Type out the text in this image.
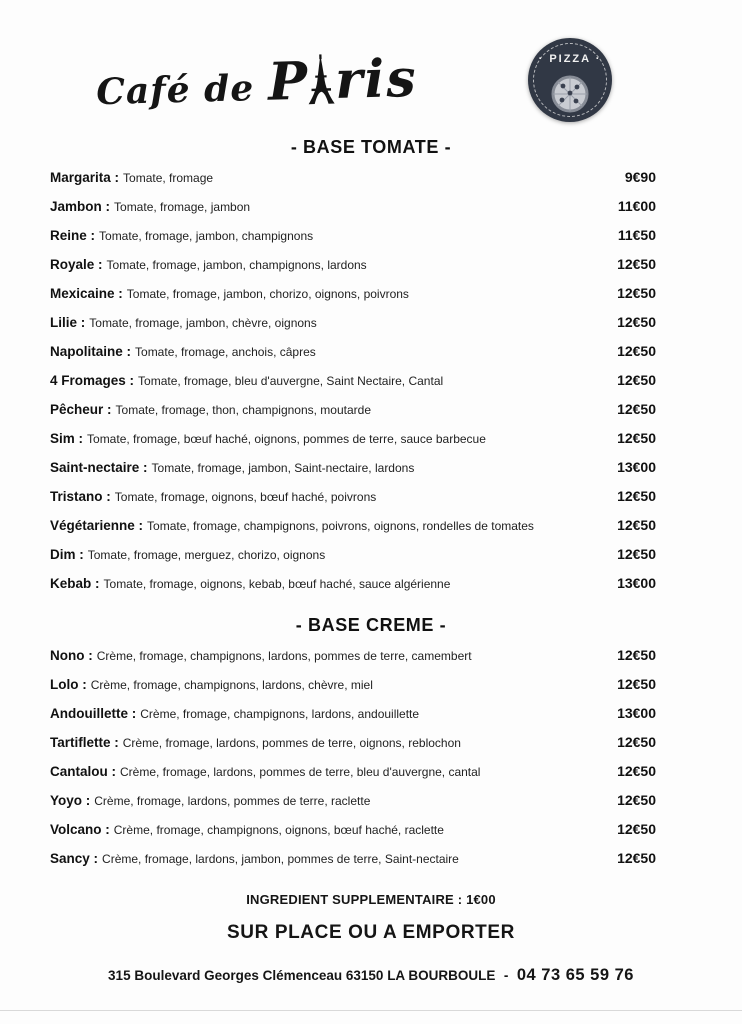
Café de P ris	· PIZZA ·
- BASE TOMATE -
Margarita : Tomate, fromage	9€90
Jambon : Tomate, fromage, jambon	11€00
Reine : Tomate, fromage, jambon, champignons	11€50
Royale : Tomate, fromage, jambon, champignons, lardons	12€50
Mexicaine : Tomate, fromage, jambon, chorizo, oignons, poivrons	12€50
Lilie : Tomate, fromage, jambon, chèvre, oignons	12€50
Napolitaine : Tomate, fromage, anchois, câpres	12€50
4 Fromages : Tomate, fromage, bleu d'auvergne, Saint Nectaire, Cantal	12€50
Pêcheur : Tomate, fromage, thon, champignons, moutarde	12€50
Sim : Tomate, fromage, bœuf haché, oignons, pommes de terre, sauce barbecue	12€50
Saint-nectaire : Tomate, fromage, jambon, Saint-nectaire, lardons	13€00
Tristano : Tomate, fromage, oignons, bœuf haché, poivrons	12€50
Végétarienne : Tomate, fromage, champignons, poivrons, oignons, rondelles de tomates	12€50
Dim : Tomate, fromage, merguez, chorizo, oignons	12€50
Kebab : Tomate, fromage, oignons, kebab, bœuf haché, sauce algérienne	13€00
- BASE CREME -
Nono : Crème, fromage, champignons, lardons, pommes de terre, camembert	12€50
Lolo : Crème, fromage, champignons, lardons, chèvre, miel	12€50
Andouillette : Crème, fromage, champignons, lardons, andouillette	13€00
Tartiflette : Crème, fromage, lardons, pommes de terre, oignons, reblochon	12€50
Cantalou : Crème, fromage, lardons, pommes de terre, bleu d'auvergne, cantal	12€50
Yoyo : Crème, fromage, lardons, pommes de terre, raclette	12€50
Volcano : Crème, fromage, champignons, oignons, bœuf haché, raclette	12€50
Sancy : Crème, fromage, lardons, jambon, pommes de terre, Saint-nectaire	12€50
INGREDIENT SUPPLEMENTAIRE : 1€00
SUR PLACE OU A EMPORTER
315 Boulevard Georges Clémenceau 63150 LA BOURBOULE - 04 73 65 59 76
